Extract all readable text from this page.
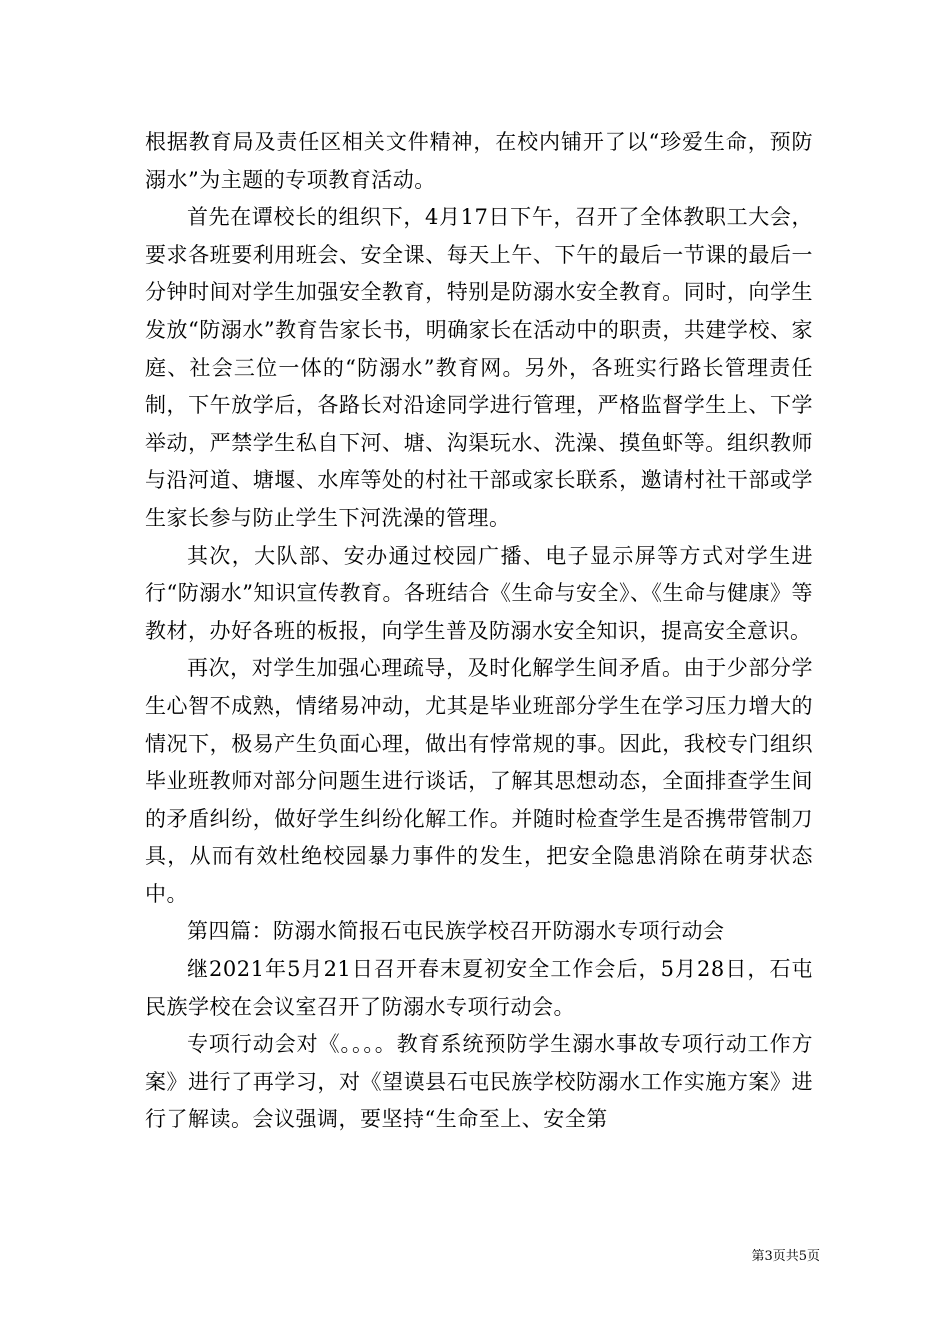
根据教育局及责任区相关文件精神，在校内铺开了以“珍爱生命，预防溺水”为主题的专项教育活动。

首先在谭校长的组织下，4月17日下午，召开了全体教职工大会，要求各班要利用班会、安全课、每天上午、下午的最后一节课的最后一分钟时间对学生加强安全教育，特别是防溺水安全教育。同时，向学生发放“防溺水”教育告家长书，明确家长在活动中的职责，共建学校、家庭、社会三位一体的“防溺水”教育网。另外，各班实行路长管理责任制，下午放学后，各路长对沿途同学进行管理，严格监督学生上、下学举动，严禁学生私自下河、塘、沟渠玩水、洗澡、摸鱼虾等。组织教师与沿河道、塘堰、水库等处的村社干部或家长联系，邀请村社干部或学生家长参与防止学生下河洗澡的管理。

其次，大队部、安办通过校园广播、电子显示屏等方式对学生进行“防溺水”知识宣传教育。各班结合《生命与安全》、《生命与健康》等教材，办好各班的板报，向学生普及防溺水安全知识，提高安全意识。

再次，对学生加强心理疏导，及时化解学生间矛盾。由于少部分学生心智不成熟，情绪易冲动，尤其是毕业班部分学生在学习压力增大的情况下，极易产生负面心理，做出有悖常规的事。因此，我校专门组织毕业班教师对部分问题生进行谈话，了解其思想动态，全面排查学生间的矛盾纠纷，做好学生纠纷化解工作。并随时检查学生是否携带管制刀具，从而有效杜绝校园暴力事件的发生，把安全隐患消除在萌芽状态中。

第四篇：防溺水简报石屯民族学校召开防溺水专项行动会

继2021年5月21日召开春末夏初安全工作会后，5月28日，石屯民族学校在会议室召开了防溺水专项行动会。

专项行动会对《。。。。教育系统预防学生溺水事故专项行动工作方案》进行了再学习，对《望谟县石屯民族学校防溺水工作实施方案》进行了解读。会议强调，要坚持“生命至上、安全第

第3页共5页
